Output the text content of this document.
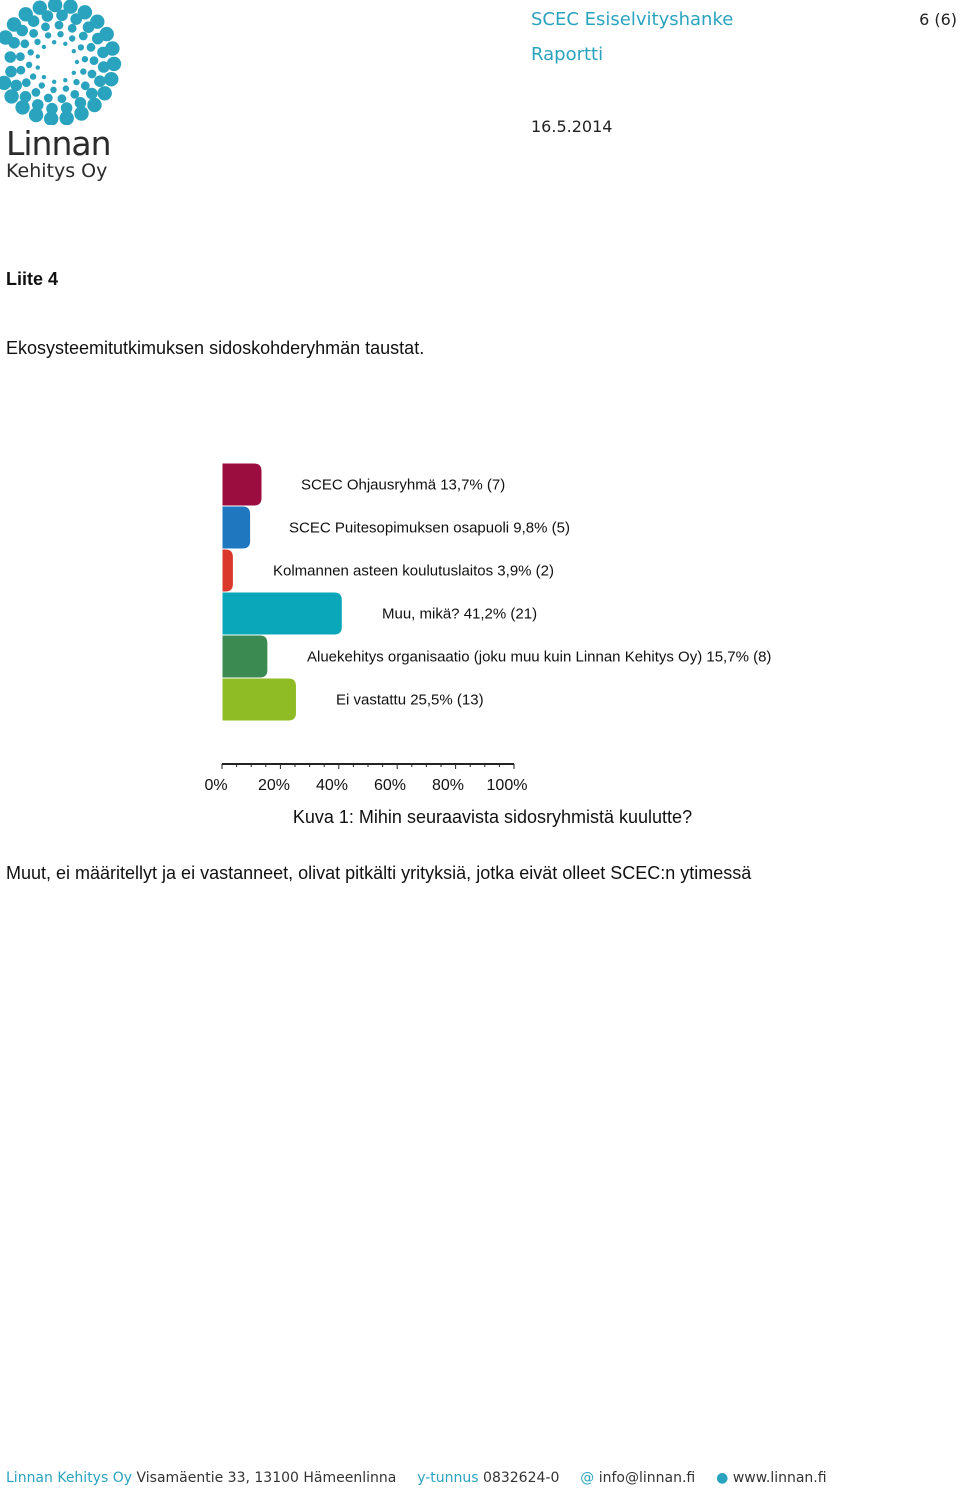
Linnan
Kehitys Oy
SCEC Esiselvityshanke
Raportti
16.5.2014
6 (6)
Liite 4
Ekosysteemitutkimuksen sidoskohderyhmän taustat.
SCEC Ohjausryhmä 13,7% (7)
SCEC Puitesopimuksen osapuoli 9,8% (5)
Kolmannen asteen koulutuslaitos 3,9% (2)
Muu, mikä? 41,2% (21)
Aluekehitys organisaatio (joku muu kuin Linnan Kehitys Oy) 15,7% (8)
Ei vastattu 25,5% (13)
0% 20% 40% 60% 80% 100%
Kuva 1: Mihin seuraavista sidosryhmistä kuulutte?
Muut, ei määritellyt ja ei vastanneet, olivat pitkälti yrityksiä, jotka eivät olleet SCEC:n ytimessä
Linnan Kehitys Oy Visamäentie 33, 13100 Hämeenlinna y-tunnus 0832624-0 @ info@linnan.fi ● www.linnan.fi
